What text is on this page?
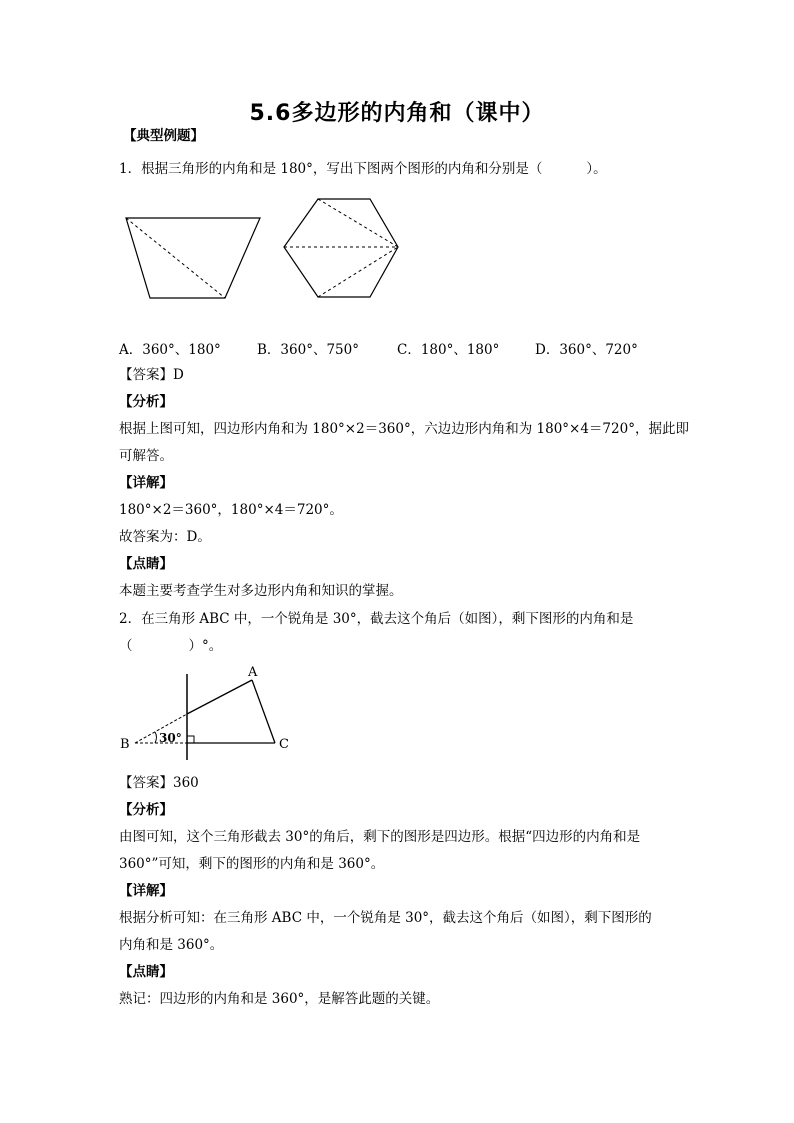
5.6多边形的内角和（课中）
【典型例题】
1．根据三角形的内角和是 180°，写出下图两个图形的内角和分别是（	）。
A．360°、180°	B．360°、750°	C．180°、180°	D．360°、720°
【答案】D
【分析】
根据上图可知，四边形内角和为 180°×2＝360°，六边边形内角和为 180°×4＝720°，据此即
可解答。
【详解】
180°×2＝360°，180°×4＝720°。
故答案为：D。
【点睛】
本题主要考查学生对多边形内角和知识的掌握。
2．在三角形 ABC 中，一个锐角是 30°，截去这个角后（如图），剩下图形的内角和是
（	）°。
30°
A
B	C
【答案】360
【分析】
由图可知，这个三角形截去 30°的角后，剩下的图形是四边形。根据“四边形的内角和是
360°”可知，剩下的图形的内角和是 360°。
【详解】
根据分析可知：在三角形 ABC 中，一个锐角是 30°，截去这个角后（如图），剩下图形的
内角和是 360°。
【点睛】
熟记：四边形的内角和是 360°，是解答此题的关键。
